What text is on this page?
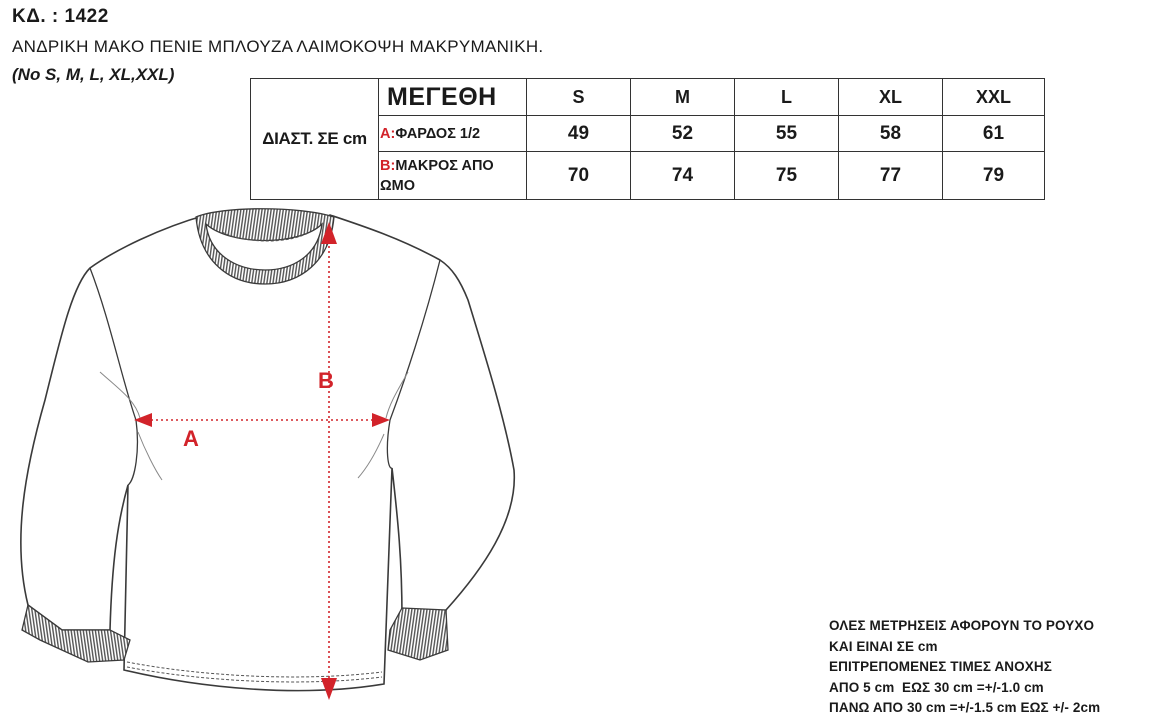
ΚΔ. : 1422
ΑΝΔΡΙΚΗ ΜΑΚΟ ΠΕΝΙΕ ΜΠΛΟΥΖΑ ΛΑΙΜΟΚΟΨΗ ΜΑΚΡΥΜΑΝΙΚΗ.
(No S, M, L, XL,XXL)
ΔΙΑΣΤ. ΣΕ cm	ΜΕΓΕΘΗ	S	M	L	XL	XXL
	A:ΦΑΡΔΟΣ 1/2	49	52	55	58	61
	B:ΜΑΚΡΟΣ ΑΠΟ
ΩΜΟ	70	74	75	77	79
A
B
ΟΛΕΣ ΜΕΤΡΗΣΕΙΣ ΑΦΟΡΟΥΝ ΤΟ ΡΟΥΧΟ
ΚΑΙ ΕΙΝΑΙ ΣΕ cm
ΕΠΙΤΡΕΠΟΜΕΝΕΣ ΤΙΜΕΣ ΑΝΟΧΗΣ
ΑΠΟ 5 cm  ΕΩΣ 30 cm =+/-1.0 cm
ΠΑΝΩ ΑΠΟ 30 cm =+/-1.5 cm ΕΩΣ +/- 2cm
